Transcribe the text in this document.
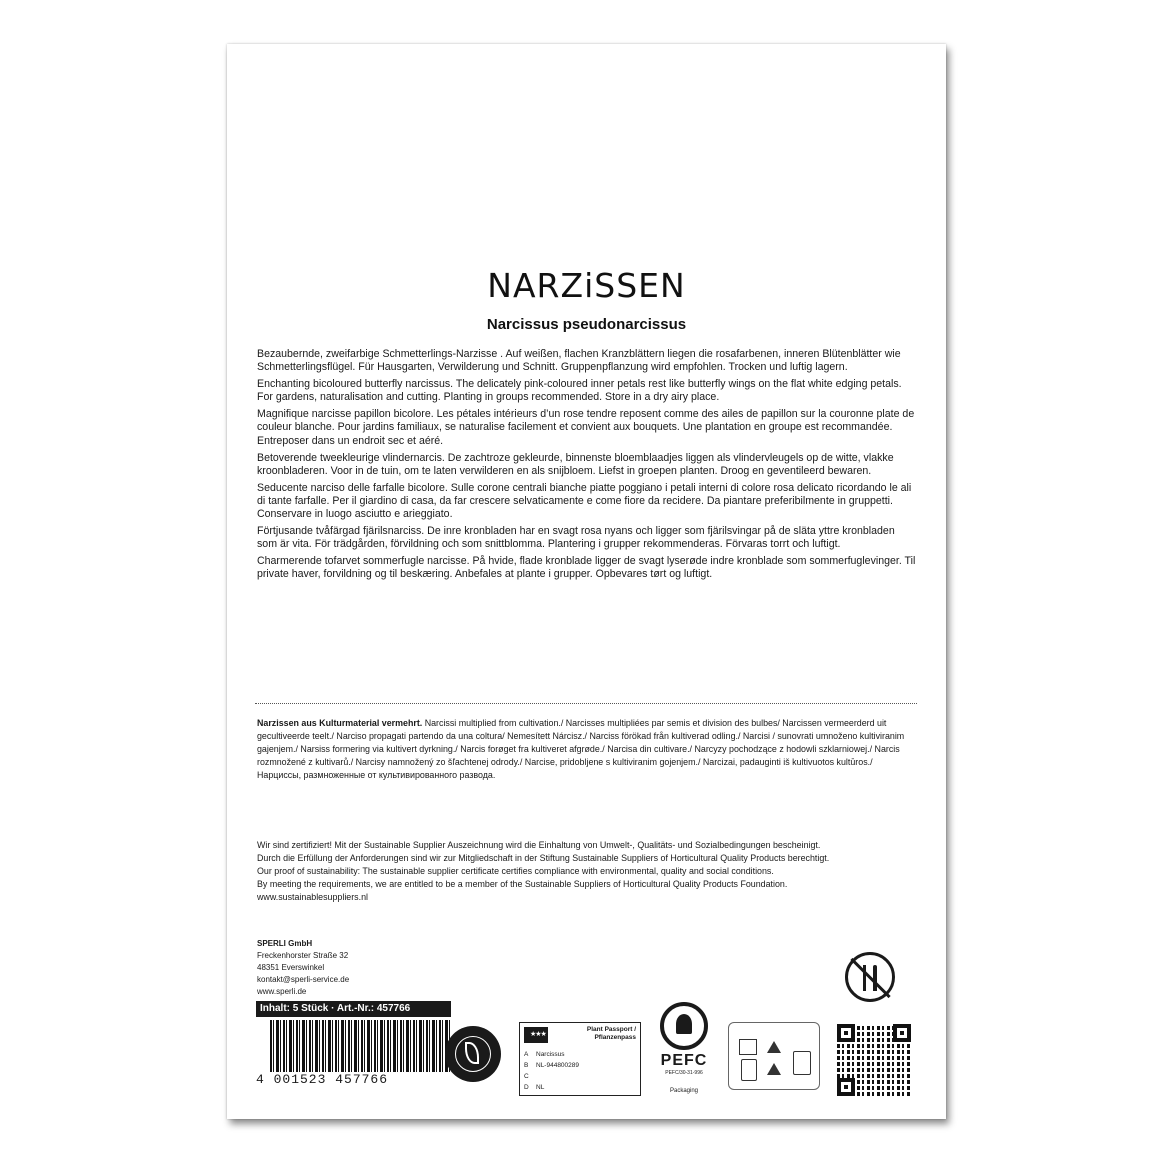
NARZiSSEN
Narcissus pseudonarcissus

Bezaubernde, zweifarbige Schmetterlings-Narzisse . Auf weißen, flachen Kranzblättern liegen die rosafarbenen, inneren Blütenblätter wie Schmetterlingsflügel. Für Hausgarten, Verwilderung und Schnitt. Gruppenpflanzung wird empfohlen. Trocken und luftig lagern.

Enchanting bicoloured butterfly narcissus. The delicately pink-coloured inner petals rest like butterfly wings on the flat white edging petals. For gardens, naturalisation and cutting. Planting in groups recommended. Store in a dry airy place.

Magnifique narcisse papillon bicolore. Les pétales intérieurs d’un rose tendre reposent comme des ailes de papillon sur la couronne plate de couleur blanche. Pour jardins familiaux, se naturalise facilement et convient aux bouquets. Une plantation en groupe est recommandée. Entreposer dans un endroit sec et aéré.

Betoverende tweekleurige vlindernarcis. De zachtroze gekleurde, binnenste bloemblaadjes liggen als vlindervleugels op de witte, vlakke kroonbladeren. Voor in de tuin, om te laten verwilderen en als snijbloem. Liefst in groepen planten. Droog en geventileerd bewaren.

Seducente narciso delle farfalle bicolore. Sulle corone centrali bianche piatte poggiano i petali interni di colore rosa delicato ricordando le ali di tante farfalle. Per il giardino di casa, da far crescere selvaticamente e come fiore da recidere. Da piantare preferibilmente in gruppetti. Conservare in luogo asciutto e arieggiato.

Förtjusande tvåfärgad fjärilsnarciss. De inre kronbladen har en svagt rosa nyans och ligger som fjärilsvingar på de släta yttre kronbladen som är vita. För trädgården, förvildning och som snittblomma. Plantering i grupper rekommenderas. Förvaras torrt och luftigt.

Charmerende tofarvet sommerfugle narcisse. På hvide, flade kronblade ligger de svagt lyserøde indre kronblade som sommerfuglevinger. Til private haver, forvildning og til beskæring. Anbefales at plante i grupper. Opbevares tørt og luftigt.

Narzissen aus Kulturmaterial vermehrt. Narcissi multiplied from cultivation./ Narcisses multipliées par semis et division des bulbes/ Narcissen vermeerderd uit gecultiveerde teelt./ Narciso propagati partendo da una coltura/ Nemesített Nárcisz./ Narciss förökad från kultiverad odling./ Narcisi / sunovrati umnoženo kultiviranim gajenjem./ Narsiss formering via kultivert dyrkning./ Narcis forøget fra kultiveret afgrøde./ Narcisa din cultivare./ Narcyzy pochodzące z hodowli szklarniowej./ Narcis rozmnožené z kultivarů./ Narcisy namnožený zo šľachtenej odrody./ Narcise, pridobljene s kultiviranim gojenjem./ Narcizai, padauginti iš kultivuotos kultūros./ Нарциссы, размноженные от культивированного развода.
Wir sind zertifiziert! Mit der Sustainable Supplier Auszeichnung wird die Einhaltung von Umwelt-, Qualitäts- und Sozialbedingungen bescheinigt.
Durch die Erfüllung der Anforderungen sind wir zur Mitgliedschaft in der Stiftung Sustainable Suppliers of Horticultural Quality Products berechtigt.
Our proof of sustainability: The sustainable supplier certificate certifies compliance with environmental, quality and social conditions.
By meeting the requirements, we are entitled to be a member of the Sustainable Suppliers of Horticultural Quality Products Foundation.
www.sustainablesuppliers.nl
SPERLI GmbH
Freckenhorster Straße 32
48351 Everswinkel
kontakt@sperli-service.de
www.sperli.de
Inhalt: 5 Stück · Art.-Nr.: 457766
4 001523 457766
★★★
Plant Passport /
Pflanzenpass
A Narcissus
B NL-944800289
C
D NL
PEFC
PEFC/30-31-996
Packaging
